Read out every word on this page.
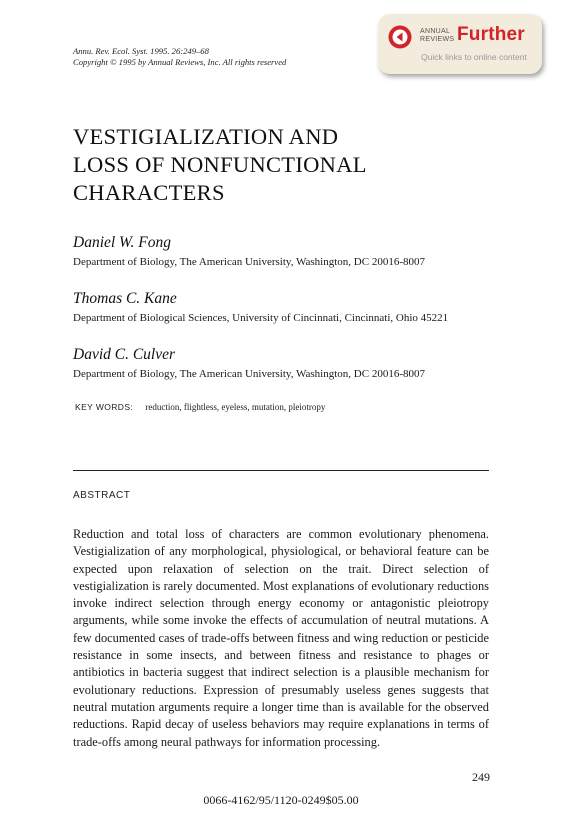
Annu. Rev. Ecol. Syst. 1995. 26:249–68
Copyright © 1995 by Annual Reviews, Inc. All rights reserved
ANNUAL
REVIEWS Further
Quick links to online content
VESTIGIALIZATION AND
LOSS OF NONFUNCTIONAL
CHARACTERS
Daniel W. Fong
Department of Biology, The American University, Washington, DC 20016-8007
Thomas C. Kane
Department of Biological Sciences, University of Cincinnati, Cincinnati, Ohio 45221
David C. Culver
Department of Biology, The American University, Washington, DC 20016-8007
KEY WORDS: reduction, flightless, eyeless, mutation, pleiotropy
ABSTRACT
Reduction and total loss of characters are common evolutionary phenomena. Vestigialization of any morphological, physiological, or behavioral feature can be expected upon relaxation of selection on the trait. Direct selection of vestigialization is rarely documented. Most explanations of evolutionary reductions invoke indirect selection through energy economy or antagonistic pleiotropy arguments, while some invoke the effects of accumulation of neutral mutations. A few documented cases of trade-offs between fitness and wing reduction or pesticide resistance in some insects, and between fitness and resistance to phages or antibiotics in bacteria suggest that indirect selection is a plausible mechanism for evolutionary reductions. Expression of presumably useless genes suggests that neutral mutation arguments require a longer time than is available for the observed reductions. Rapid decay of useless behaviors may require explanations in terms of trade-offs among neural pathways for information processing.
249
0066-4162/95/1120-0249$05.00
